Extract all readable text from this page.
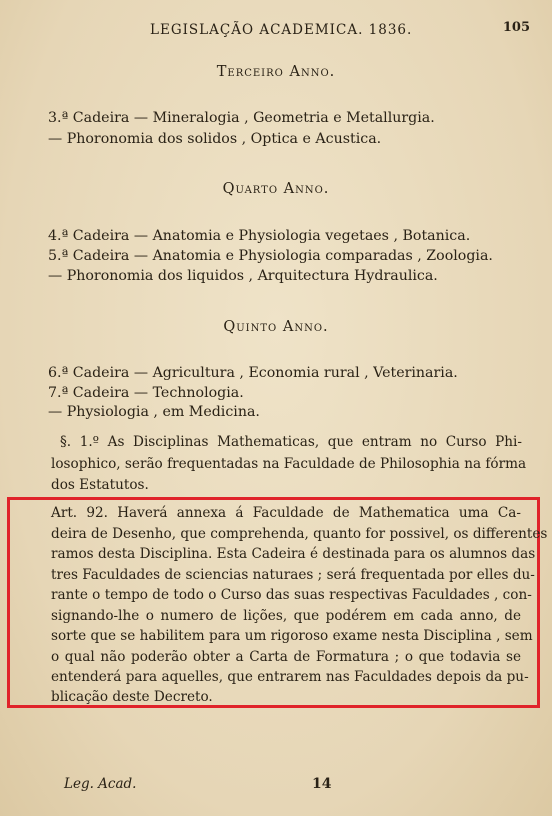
LEGISLAÇÃO ACADEMICA. 1836.	105
Terceiro Anno.
3.ª Cadeira — Mineralogia , Geometria e Metallurgia.
— Phoronomia dos solidos , Optica e Acustica.
Quarto Anno.
4.ª Cadeira — Anatomia e Physiologia vegetaes , Botanica.
5.ª Cadeira — Anatomia e Physiologia comparadas , Zoologia.
— Phoronomia dos liquidos , Arquitectura Hydraulica.
Quinto Anno.
6.ª Cadeira — Agricultura , Economia rural , Veterinaria.
7.ª Cadeira — Technologia.
— Physiologia , em Medicina.
§. 1.º As Disciplinas Mathematicas, que entram no Curso Phi-
losophico, serão frequentadas na Faculdade de Philosophia na fórma
dos Estatutos.
Art. 92. Haverá annexa á Faculdade de Mathematica uma Ca-
deira de Desenho, que comprehenda, quanto for possivel, os differentes
ramos desta Disciplina. Esta Cadeira é destinada para os alumnos das
tres Faculdades de sciencias naturaes ; será frequentada por elles du-
rante o tempo de todo o Curso das suas respectivas Faculdades , con-
signando-lhe o numero de lições, que podérem em cada anno, de
sorte que se habilitem para um rigoroso exame nesta Disciplina , sem
o qual não poderão obter a Carta de Formatura ; o que todavia se
entenderá para aquelles, que entrarem nas Faculdades depois da pu-
blicação deste Decreto.
Leg. Acad.	14
